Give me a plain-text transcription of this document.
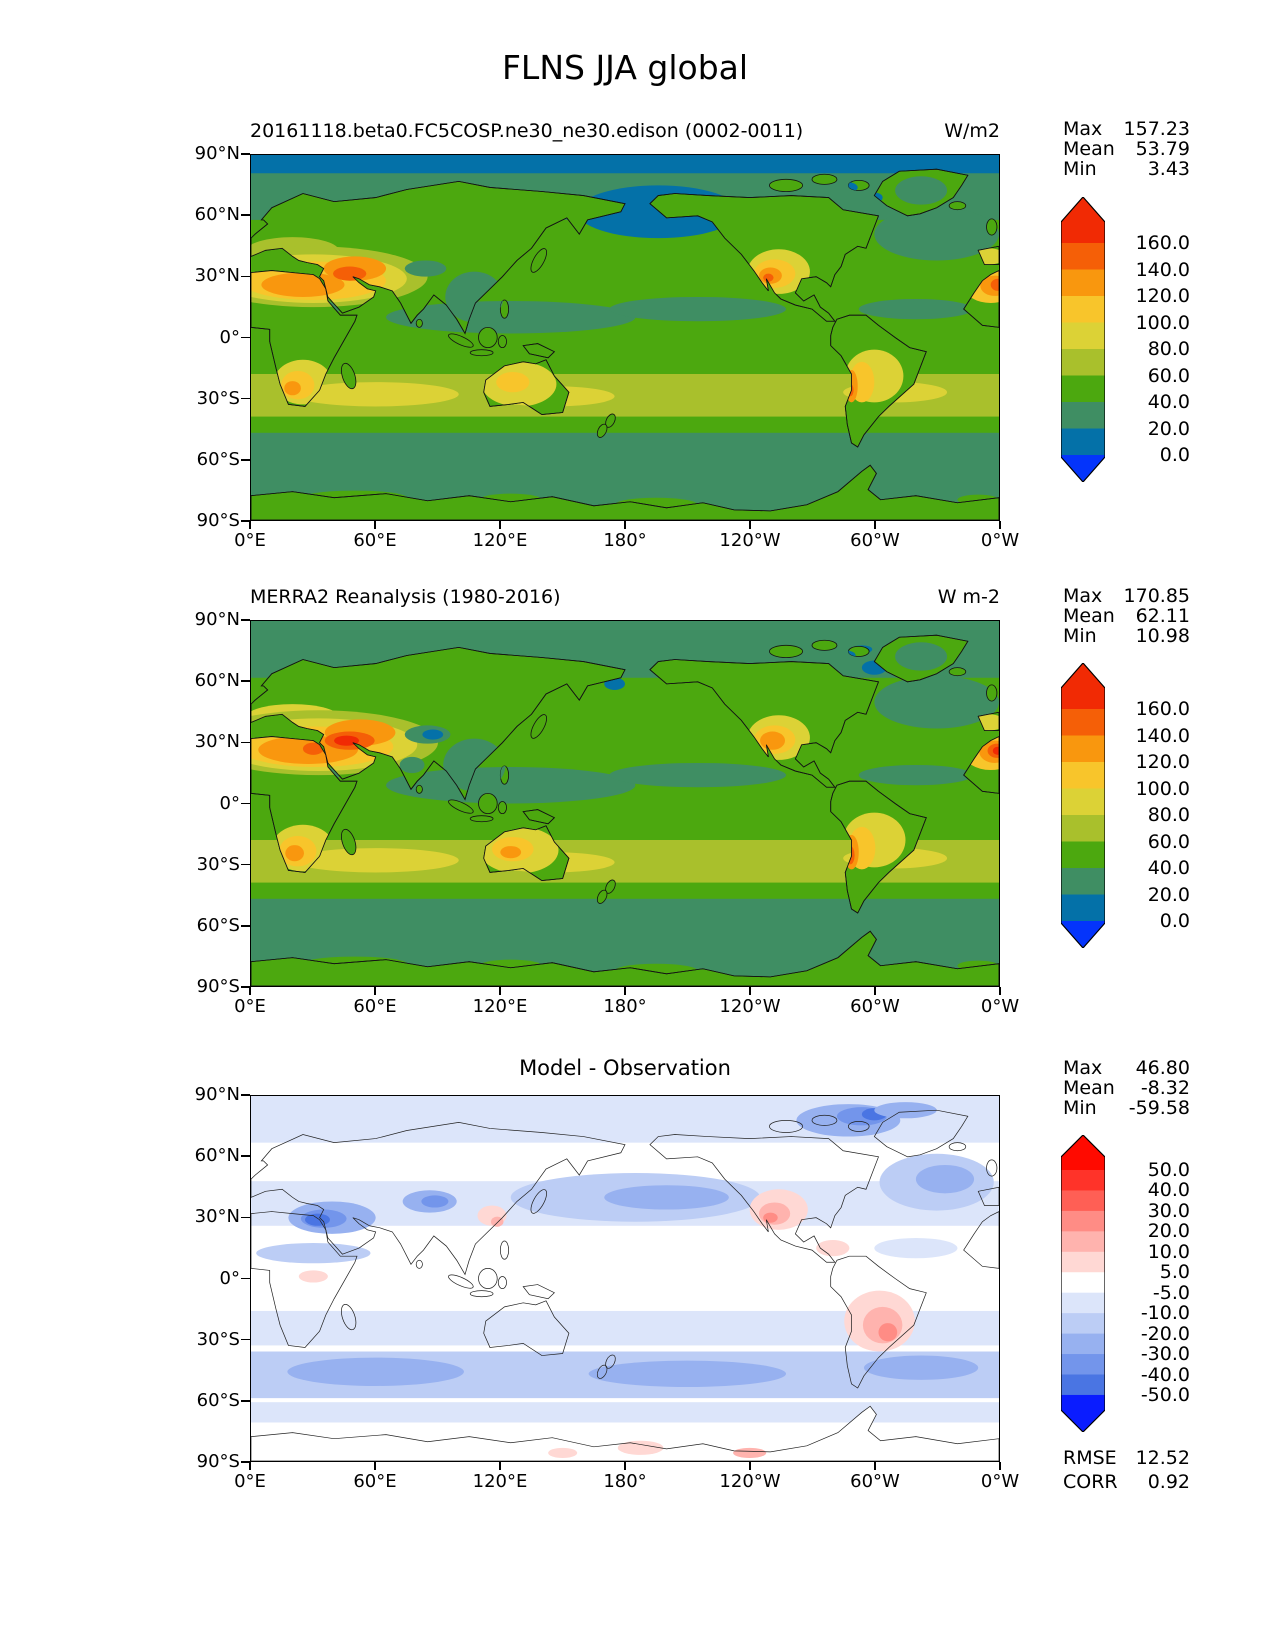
FLNS JJA global
20161118.beta0.FC5COSP.ne30_ne30.edison (0002-0011)	W/m2	Max 157.23
Mean 53.79
Min	3.43
MERRA2 Reanalysis (1980-2016)	W m-2	Max 170.85
Mean 62.11
Min 10.98
Model - Observation	Max 46.80
Mean -8.32
Min -59.58
RMSE 12.52
CORR 0.92
90°N
60°N
30°N
0°
30°S
60°S
90°S
0°E	60°E	120°E	180°	120°W	60°W	0°W
160.0
140.0
120.0
100.0
80.0
60.0
40.0
20.0
0.0
90°N
60°N
30°N
0°
30°S
60°S
90°S
0°E	60°E	120°E	180°	120°W	60°W	0°W
160.0
140.0
120.0
100.0
80.0
60.0
40.0
20.0
0.0
90°N
60°N
30°N
0°
30°S
60°S
90°S
0°E	60°E	120°E	180°	120°W	60°W	0°W
50.0
40.0
30.0
20.0
10.0
5.0
-5.0
-10.0
-20.0
-30.0
-40.0
-50.0
